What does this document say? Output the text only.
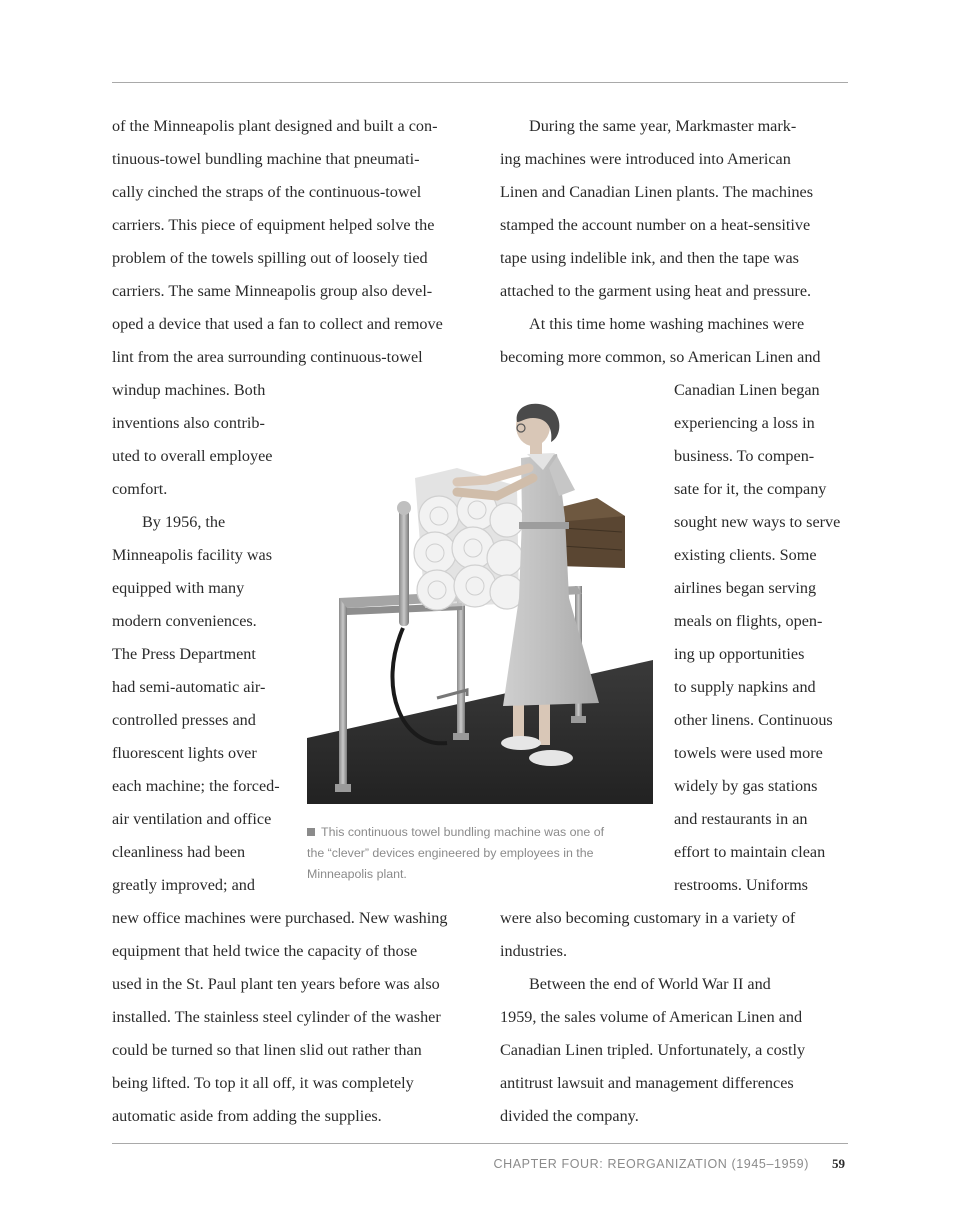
of the Minneapolis plant designed and built a con-
tinuous-towel bundling machine that pneumati-
cally cinched the straps of the continuous-towel
carriers. This piece of equipment helped solve the
problem of the towels spilling out of loosely tied
carriers. The same Minneapolis group also devel-
oped a device that used a fan to collect and remove
lint from the area surrounding continuous-towel
windup machines. Both
inventions also contrib-
uted to overall employee
comfort.
By 1956, the
Minneapolis facility was
equipped with many
modern conveniences.
The Press Department
had semi-automatic air-
controlled presses and
fluorescent lights over
each machine; the forced-
air ventilation and office
cleanliness had been
greatly improved; and
new office machines were purchased. New washing
equipment that held twice the capacity of those
used in the St. Paul plant ten years before was also
installed. The stainless steel cylinder of the washer
could be turned so that linen slid out rather than
being lifted. To top it all off, it was completely
automatic aside from adding the supplies.
During the same year, Markmaster mark-
ing machines were introduced into American
Linen and Canadian Linen plants. The machines
stamped the account number on a heat-sensitive
tape using indelible ink, and then the tape was
attached to the garment using heat and pressure.
At this time home washing machines were
becoming more common, so American Linen and
Canadian Linen began
experiencing a loss in
business. To compen-
sate for it, the company
sought new ways to serve
existing clients. Some
airlines began serving
meals on flights, open-
ing up opportunities
to supply napkins and
other linens. Continuous
towels were used more
widely by gas stations
and restaurants in an
effort to maintain clean
restrooms. Uniforms
were also becoming customary in a variety of
industries.
Between the end of World War II and
1959, the sales volume of American Linen and
Canadian Linen tripled. Unfortunately, a costly
antitrust lawsuit and management differences
divided the company.
This continuous towel bundling machine was one of
the “clever” devices engineered by employees in the
Minneapolis plant.
CHAPTER FOUR: REORGANIZATION (1945–1959) 59
